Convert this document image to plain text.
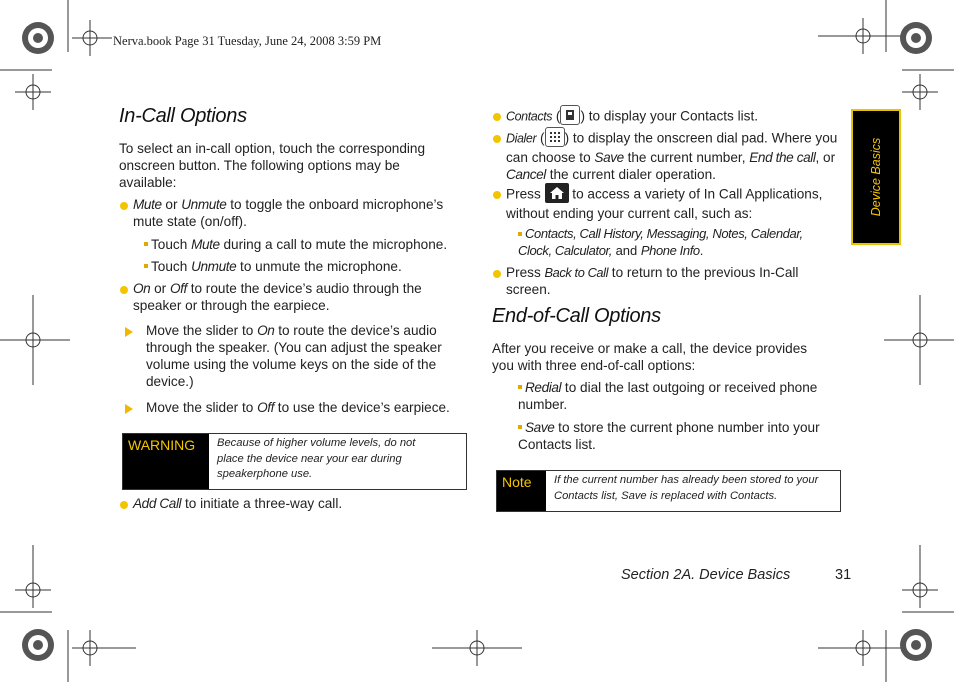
Nerva.book Page 31 Tuesday, June 24, 2008 3:59 PM
Device Basics
In-Call Options
To select an in-call option, touch the corresponding onscreen button. The following options may be available:
Mute or Unmute to toggle the onboard microphone’s mute state (on/off).
Touch Mute during a call to mute the microphone.
Touch Unmute to unmute the microphone.
On or Off to route the device’s audio through the speaker or through the earpiece.
Move the slider to On to route the device’s audio through the speaker. (You can adjust the speaker volume using the volume keys on the side of the device.)
Move the slider to Off to use the device’s earpiece.
WARNING	Because of higher volume levels, do not place the device near your ear during speakerphone use.
Add Call to initiate a three-way call.
Contacts ( ) to display your Contacts list.
Dialer ( ) to display the onscreen dial pad. Where you can choose to Save the current number, End the call, or Cancel the current dialer operation.
Press  to access a variety of In Call Applications, without ending your current call, such as:
Contacts, Call History, Messaging, Notes, Calendar, Clock, Calculator, and Phone Info.
Press Back to Call to return to the previous In-Call screen.
End-of-Call Options
After you receive or make a call, the device provides you with three end-of-call options:
Redial to dial the last outgoing or received phone number.
Save to store the current phone number into your Contacts list.
Note	If the current number has already been stored to your Contacts list, Save is replaced with Contacts.
Section 2A. Device Basics	31
